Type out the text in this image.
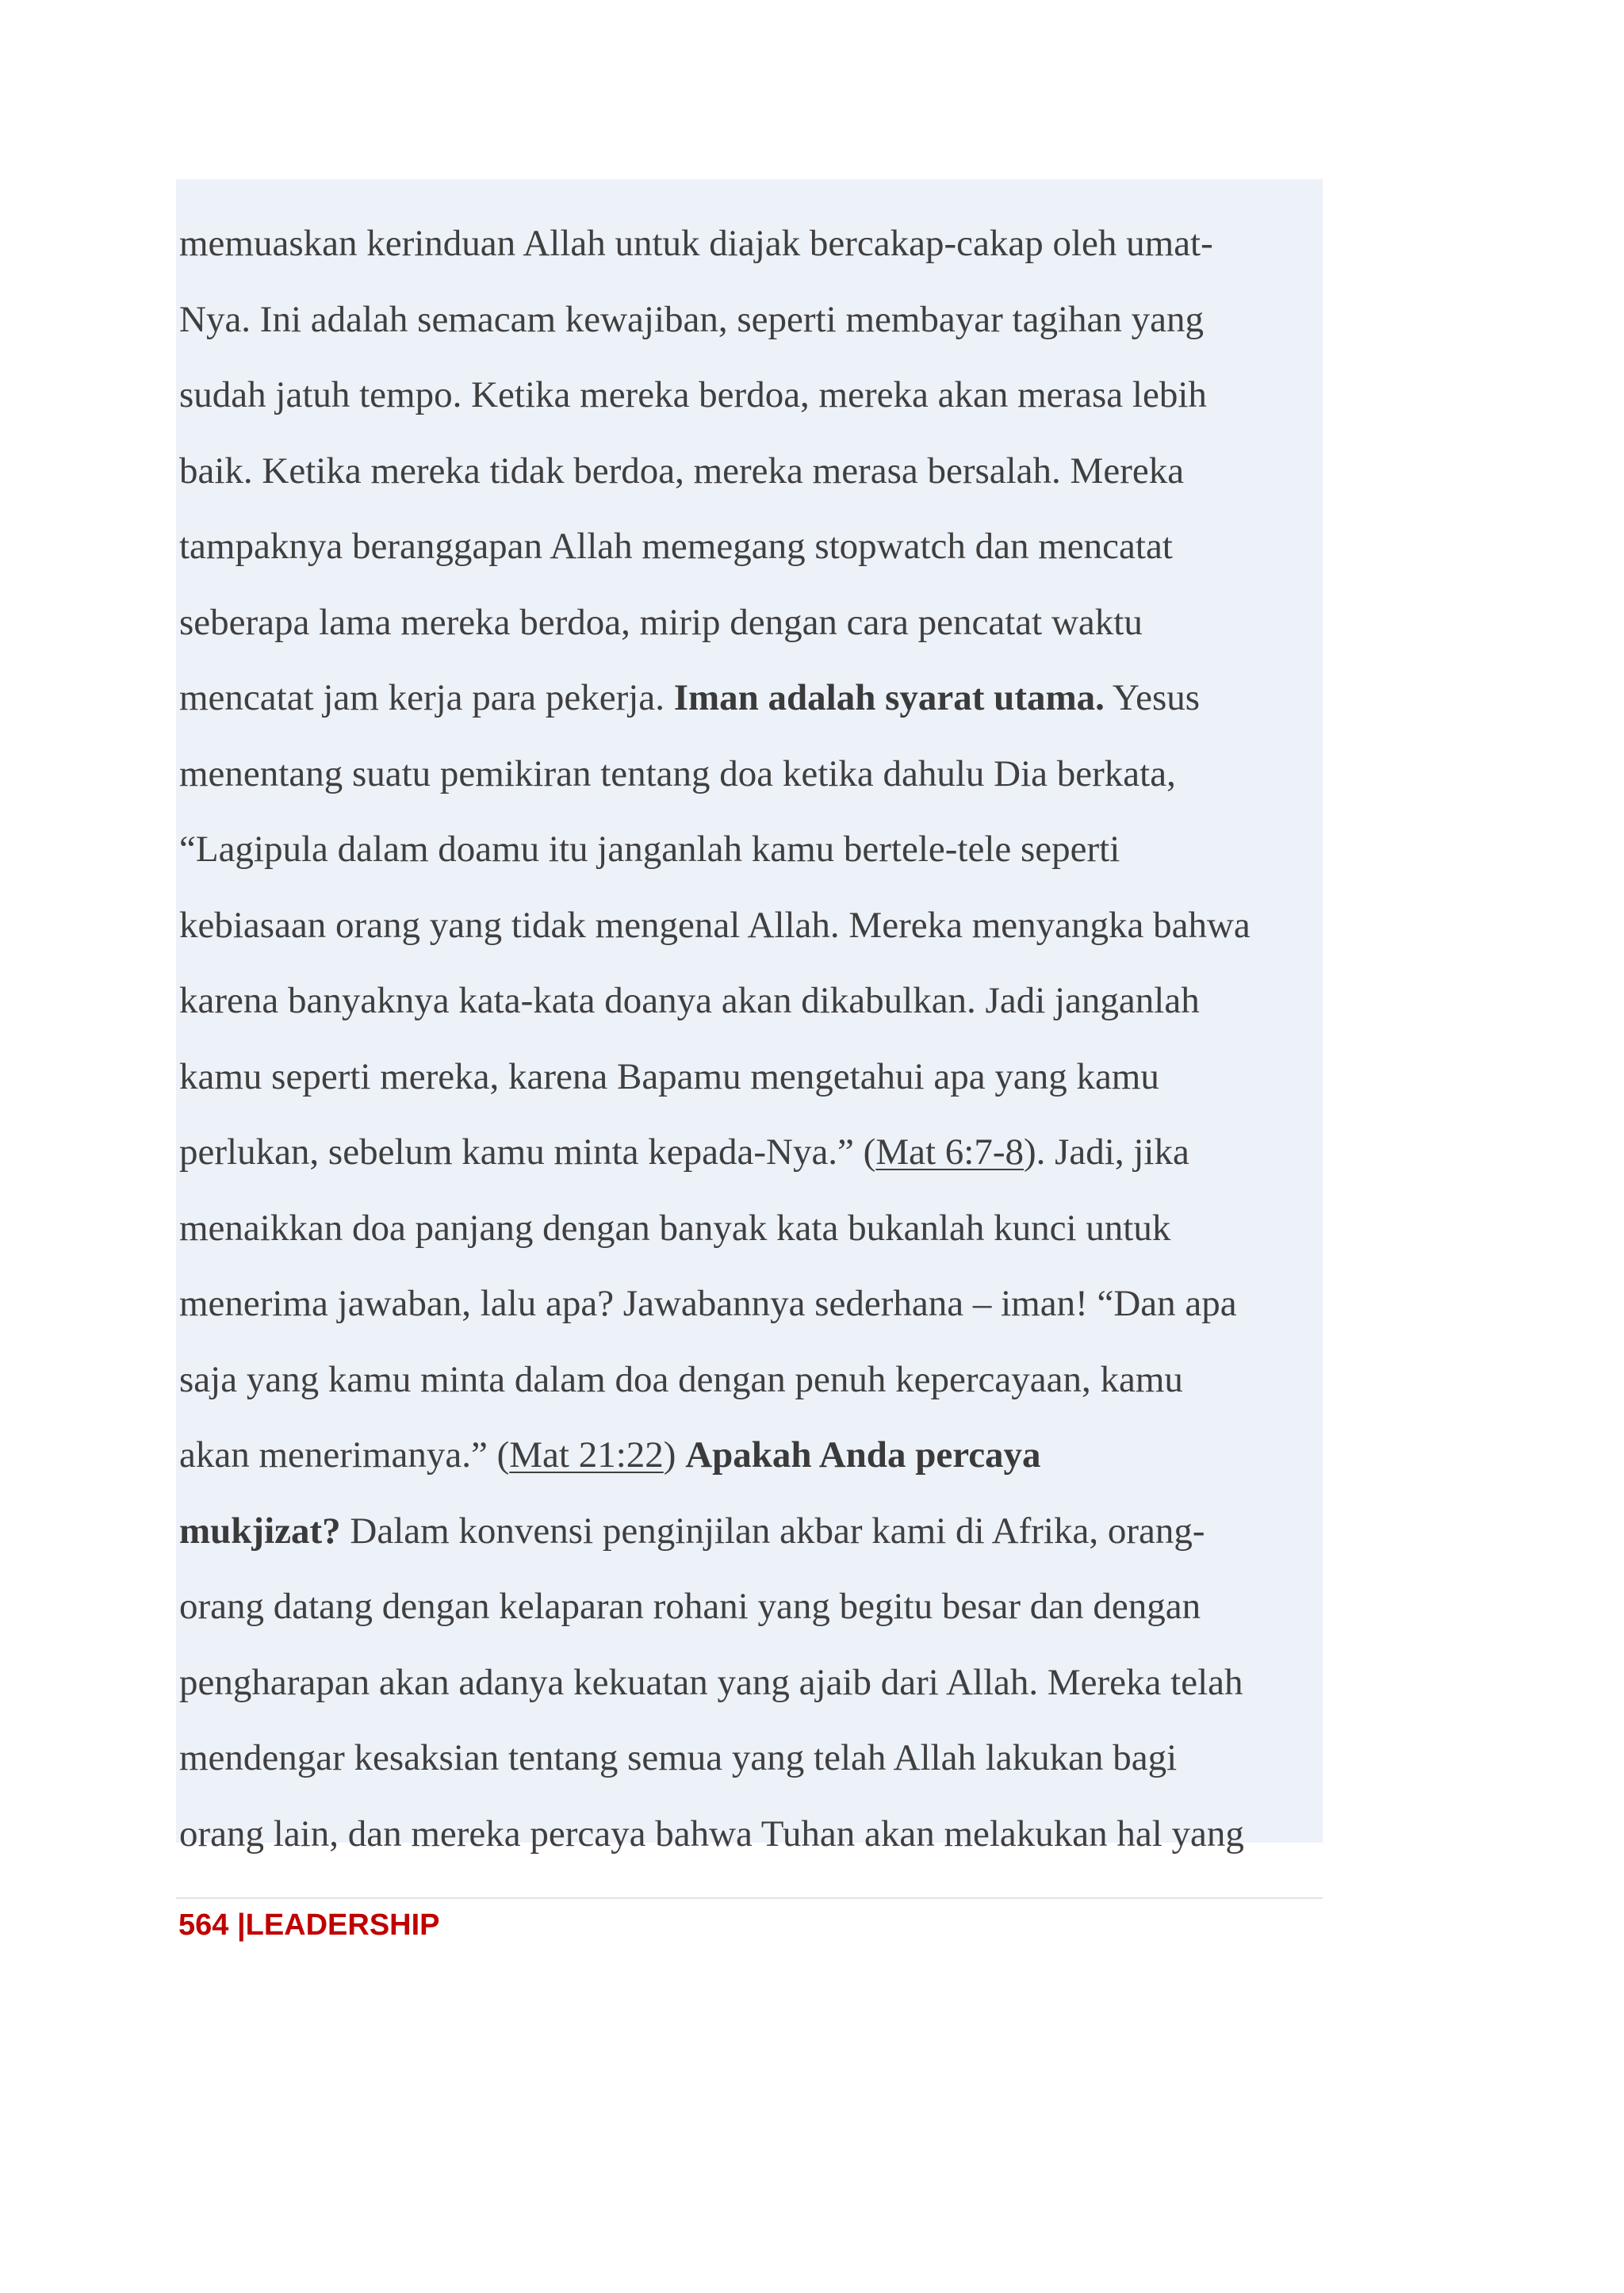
memuaskan kerinduan Allah untuk diajak bercakap-cakap oleh umat-
Nya. Ini adalah semacam kewajiban, seperti membayar tagihan yang
sudah jatuh tempo. Ketika mereka berdoa, mereka akan merasa lebih
baik. Ketika mereka tidak berdoa, mereka merasa bersalah. Mereka
tampaknya beranggapan Allah memegang stopwatch dan mencatat
seberapa lama mereka berdoa, mirip dengan cara pencatat waktu
mencatat jam kerja para pekerja. Iman adalah syarat utama. Yesus
menentang suatu pemikiran tentang doa ketika dahulu Dia berkata,
“Lagipula dalam doamu itu janganlah kamu bertele-tele seperti
kebiasaan orang yang tidak mengenal Allah. Mereka menyangka bahwa
karena banyaknya kata-kata doanya akan dikabulkan. Jadi janganlah
kamu seperti mereka, karena Bapamu mengetahui apa yang kamu
perlukan, sebelum kamu minta kepada-Nya.” (Mat 6:7-8). Jadi, jika
menaikkan doa panjang dengan banyak kata bukanlah kunci untuk
menerima jawaban, lalu apa? Jawabannya sederhana – iman! “Dan apa
saja yang kamu minta dalam doa dengan penuh kepercayaan, kamu
akan menerimanya.” (Mat 21:22) Apakah Anda percaya
mukjizat? Dalam konvensi penginjilan akbar kami di Afrika, orang-
orang datang dengan kelaparan rohani yang begitu besar dan dengan
pengharapan akan adanya kekuatan yang ajaib dari Allah. Mereka telah
mendengar kesaksian tentang semua yang telah Allah lakukan bagi
orang lain, dan mereka percaya bahwa Tuhan akan melakukan hal yang
564 |LEADERSHIP
